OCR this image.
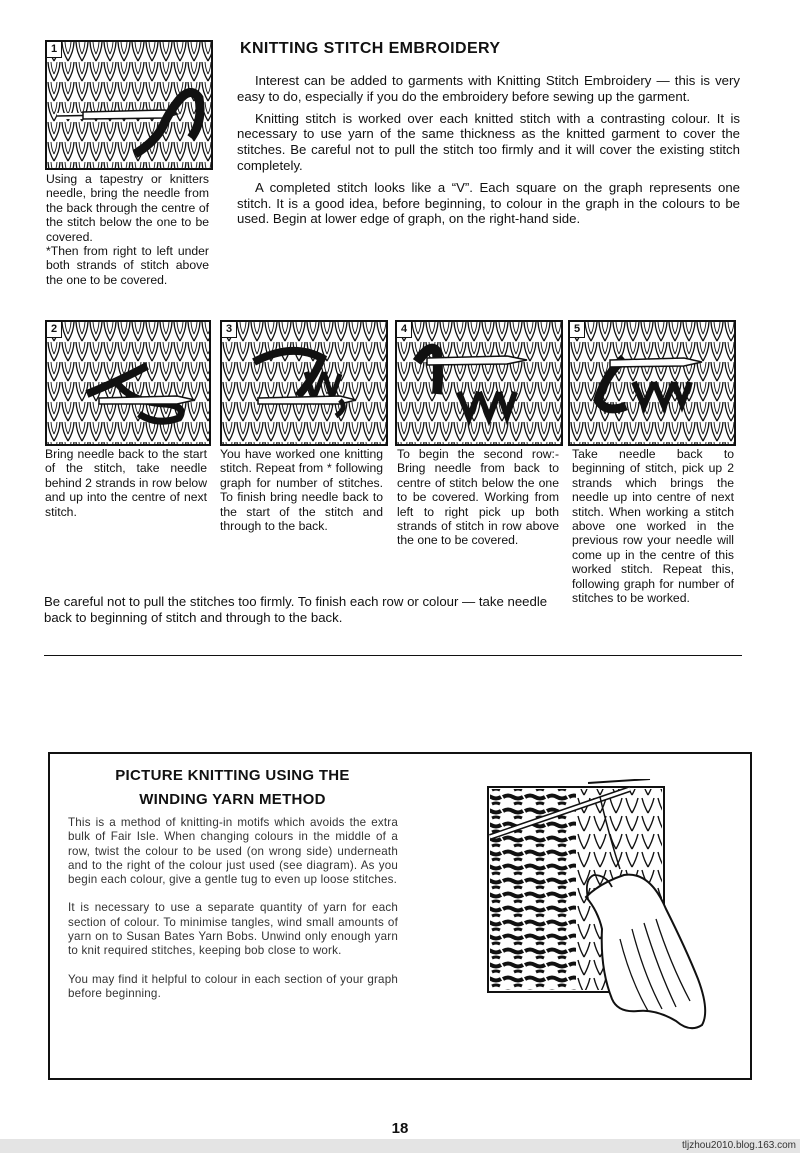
1

Using a tapestry or knitters needle, bring the needle from the back through the centre of the stitch below the one to be covered.

*Then from right to left under both strands of stitch above the one to be covered.

KNITTING STITCH EMBROIDERY

Interest can be added to garments with Knitting Stitch Embroidery — this is very easy to do, especially if you do the embroidery before sewing up the garment.

Knitting stitch is worked over each knitted stitch with a contrasting colour. It is necessary to use yarn of the same thickness as the knitted garment to cover the stitches. Be careful not to pull the stitch too firmly and it will cover the existing stitch completely.

A completed stitch looks like a “V”. Each square on the graph represents one stitch. It is a good idea, before beginning, to colour in the graph in the colours to be used. Begin at lower edge of graph, on the right-hand side.

2

Bring needle back to the start of the stitch, take needle behind 2 strands in row below and up into the centre of next stitch.

3

You have worked one knitting stitch. Repeat from * following graph for number of stitches. To finish bring needle back to the start of the stitch and through to the back.

4

To begin the second row:- Bring needle from back to centre of stitch below the one to be covered. Working from left to right pick up both strands of stitch in row above the one to be covered.

5

Take needle back to beginning of stitch, pick up 2 strands which brings the needle up into centre of next stitch. When working a stitch above one worked in the previous row your needle will come up in the centre of this worked stitch. Repeat this, following graph for number of stitches to be worked.

Be careful not to pull the stitches too firmly. To finish each row or colour — take needle back to beginning of stitch and through to the back.
PICTURE KNITTING USING THE
WINDING YARN METHOD

This is a method of knitting-in motifs which avoids the extra bulk of Fair Isle. When changing colours in the middle of a row, twist the colour to be used (on wrong side) underneath and to the right of the colour just used (see diagram). As you begin each colour, give a gentle tug to even up loose stitches.

It is necessary to use a separate quantity of yarn for each section of colour. To minimise tangles, wind small amounts of yarn on to Susan Bates Yarn Bobs. Unwind only enough yarn to knit required stitches, keeping bob close to work.

You may find it helpful to colour in each section of your graph before beginning.

18
tljzhou2010.blog.163.com
